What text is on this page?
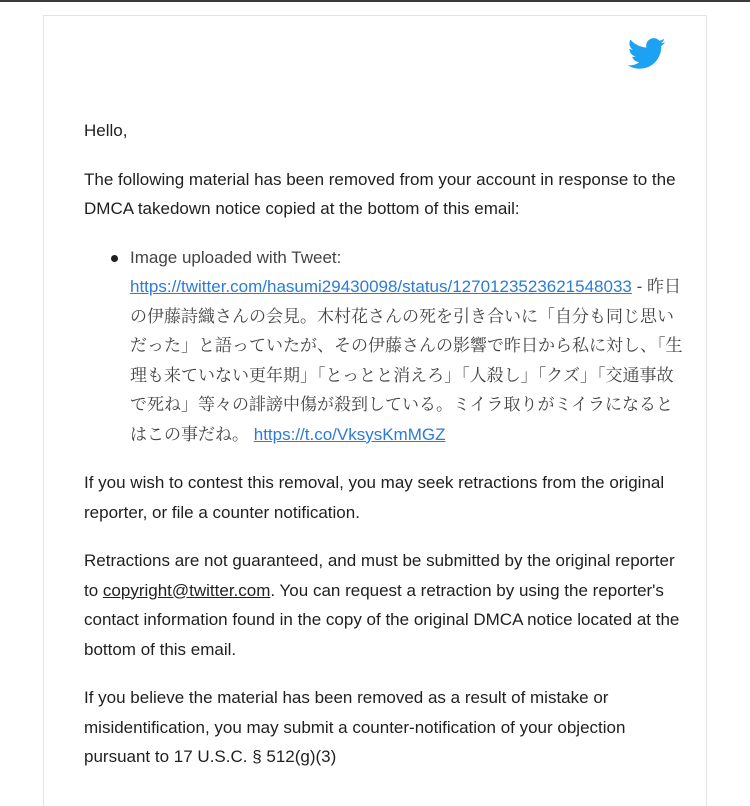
Hello,

The following material has been removed from your account in response to the DMCA takedown notice copied at the bottom of this email:

Image uploaded with Tweet: https://twitter.com/hasumi29430098/status/1270123523621548033 - 昨日の伊藤詩織さんの会見。木村花さんの死を引き合いに「自分も同じ思いだった」と語っていたが、その伊藤さんの影響で昨日から私に対し、「生理も来ていない更年期」「とっとと消えろ」「人殺し」「クズ」「交通事故で死ね」等々の誹謗中傷が殺到している。ミイラ取りがミイラになるとはこの事だね。 https://t.co/VksysKmMGZ

If you wish to contest this removal, you may seek retractions from the original reporter, or file a counter notification.

Retractions are not guaranteed, and must be submitted by the original reporter to copyright@twitter.com. You can request a retraction by using the reporter's contact information found in the copy of the original DMCA notice located at the bottom of this email.

If you believe the material has been removed as a result of mistake or misidentification, you may submit a counter-notification of your objection pursuant to 17 U.S.C. § 512(g)(3)
